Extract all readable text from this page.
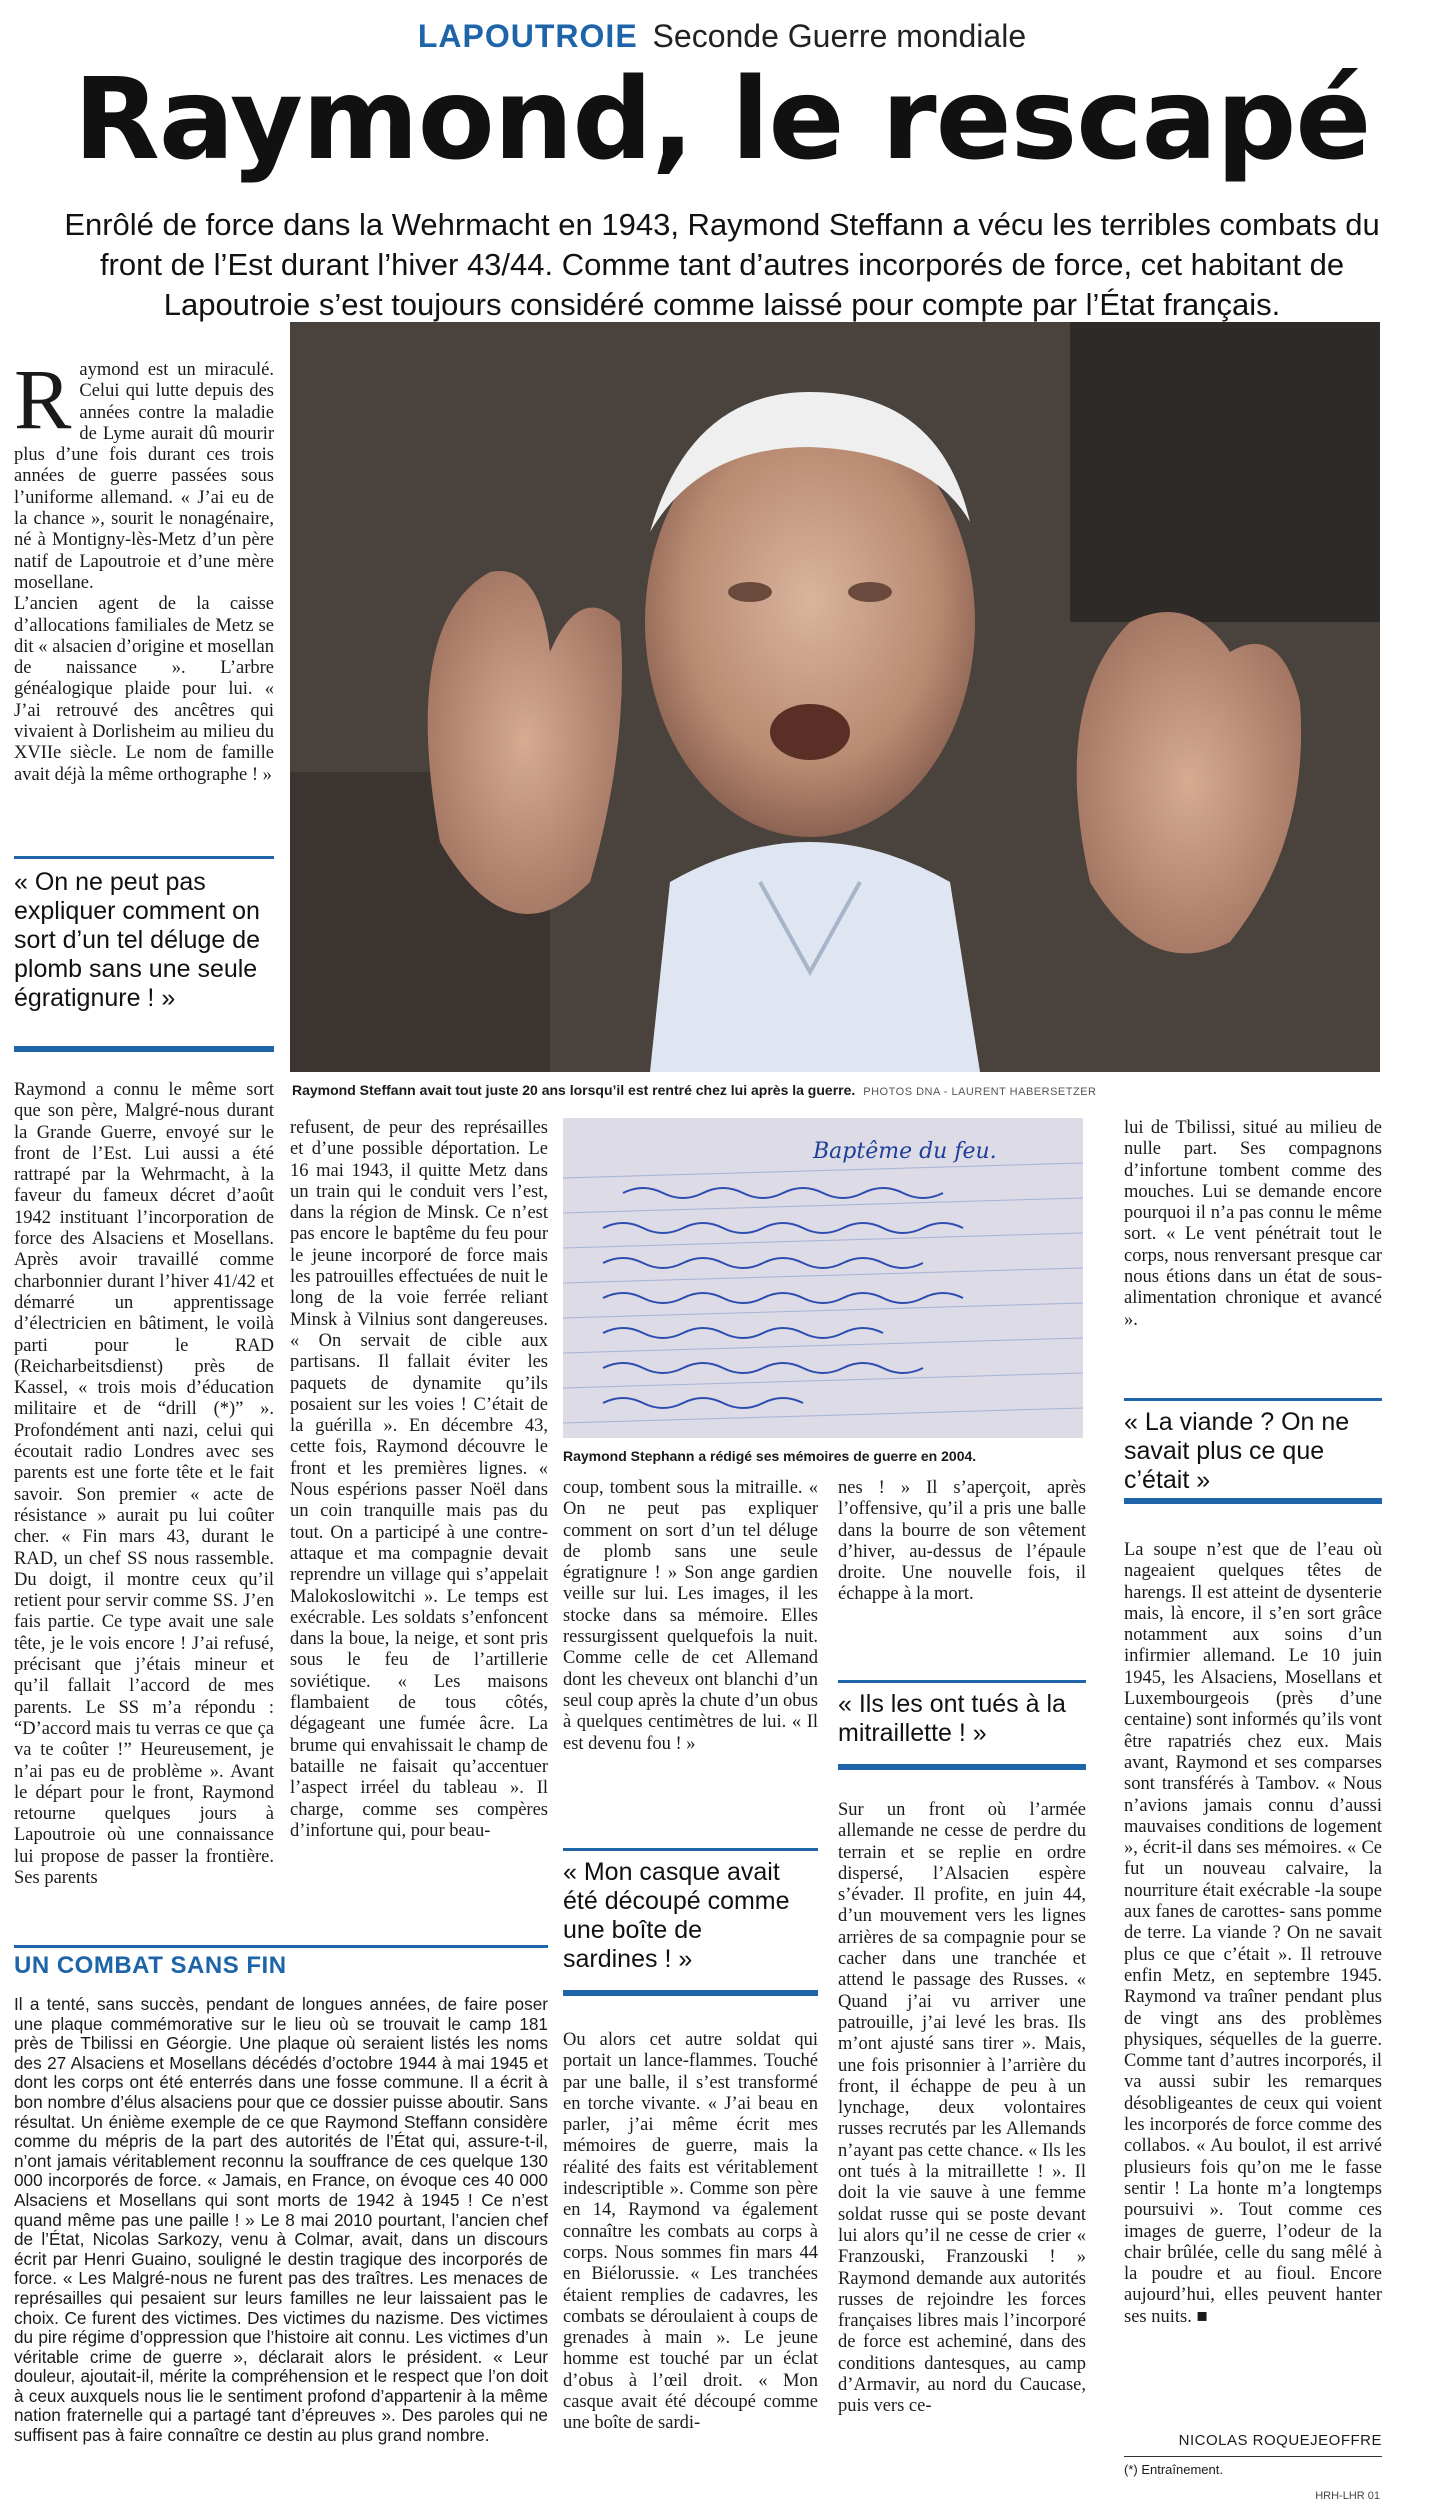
LAPOUTROIE Seconde Guerre mondiale
Raymond, le rescapé
Enrôlé de force dans la Wehrmacht en 1943, Raymond Steffann a vécu les terribles combats du front de l’Est durant l’hiver 43/44. Comme tant d’autres incorporés de force, cet habitant de Lapoutroie s’est toujours considéré comme laissé pour compte par l’État français.
R aymond est un miraculé. Celui qui lutte depuis des années contre la maladie de Lyme aurait dû mourir plus d’une fois durant ces trois années de guerre passées sous l’uniforme allemand. « J’ai eu de la chance », sourit le nonagénaire, né à Montigny-lès-Metz d’un père natif de Lapoutroie et d’une mère mosellane.
L’ancien agent de la caisse d’allocations familiales de Metz se dit « alsacien d’origine et mosellan de naissance ». L’arbre généalogique plaide pour lui. « J’ai retrouvé des ancêtres qui vivaient à Dorlisheim au milieu du XVIIe siècle. Le nom de famille avait déjà la même orthographe ! »
« On ne peut pas expliquer comment on sort d’un tel déluge de plomb sans une seule égratignure ! »
Raymond Steffann avait tout juste 20 ans lorsqu’il est rentré chez lui après la guerre. PHOTOS DNA - LAURENT HABERSETZER
Raymond a connu le même sort que son père, Malgré-nous durant la Grande Guerre, envoyé sur le front de l’Est. Lui aussi a été rattrapé par la Wehrmacht, à la faveur du fameux décret d’août 1942 instituant l’incorporation de force des Alsaciens et Mosellans. Après avoir travaillé comme charbonnier durant l’hiver 41/42 et démarré un apprentissage d’électricien en bâtiment, le voilà parti pour le RAD (Reicharbeitsdienst) près de Kassel, « trois mois d’éducation militaire et de “drill (*)” ». Profondément anti nazi, celui qui écoutait radio Londres avec ses parents est une forte tête et le fait savoir. Son premier « acte de résistance » aurait pu lui coûter cher. « Fin mars 43, durant le RAD, un chef SS nous rassemble. Du doigt, il montre ceux qu’il retient pour servir comme SS. J’en fais partie. Ce type avait une sale tête, je le vois encore ! J’ai refusé, précisant que j’étais mineur et qu’il fallait l’accord de mes parents. Le SS m’a répondu : “D’accord mais tu verras ce que ça va te coûter !” Heureusement, je n’ai pas eu de problème ». Avant le départ pour le front, Raymond retourne quelques jours à Lapoutroie où une connaissance lui propose de passer la frontière. Ses parents
refusent, de peur des représailles et d’une possible déportation. Le 16 mai 1943, il quitte Metz dans un train qui le conduit vers l’est, dans la région de Minsk. Ce n’est pas encore le baptême du feu pour le jeune incorporé de force mais les patrouilles effectuées de nuit le long de la voie ferrée reliant Minsk à Vilnius sont dangereuses. « On servait de cible aux partisans. Il fallait éviter les paquets de dynamite qu’ils posaient sur les voies ! C’était de la guérilla ». En décembre 43, cette fois, Raymond découvre le front et les premières lignes. « Nous espérions passer Noël dans un coin tranquille mais pas du tout. On a participé à une contre-attaque et ma compagnie devait reprendre un village qui s’appelait Malokoslowitchi ». Le temps est exécrable. Les soldats s’enfoncent dans la boue, la neige, et sont pris sous le feu de l’artillerie soviétique. « Les maisons flambaient de tous côtés, dégageant une fumée âcre. La brume qui envahissait le champ de bataille ne faisait qu’accentuer l’aspect irréel du tableau ». Il charge, comme ses compères d’infortune qui, pour beau-
Baptême du feu.
Raymond Stephann a rédigé ses mémoires de guerre en 2004.
coup, tombent sous la mitraille. « On ne peut pas expliquer comment on sort d’un tel déluge de plomb sans une seule égratignure ! » Son ange gardien veille sur lui. Les images, il les stocke dans sa mémoire. Elles ressurgissent quelquefois la nuit. Comme celle de cet Allemand dont les cheveux ont blanchi d’un seul coup après la chute d’un obus à quelques centimètres de lui. « Il est devenu fou ! »
« Mon casque avait été découpé comme une boîte de sardines ! »
Ou alors cet autre soldat qui portait un lance-flammes. Touché par une balle, il s’est transformé en torche vivante. « J’ai beau en parler, j’ai même écrit mes mémoires de guerre, mais la réalité des faits est véritablement indescriptible ». Comme son père en 14, Raymond va également connaître les combats au corps à corps. Nous sommes fin mars 44 en Biélorussie. « Les tranchées étaient remplies de cadavres, les combats se déroulaient à coups de grenades à main ». Le jeune homme est touché par un éclat d’obus à l’œil droit. « Mon casque avait été découpé comme une boîte de sardi-
nes ! » Il s’aperçoit, après l’offensive, qu’il a pris une balle dans la bourre de son vêtement d’hiver, au-dessus de l’épaule droite. Une nouvelle fois, il échappe à la mort.
« Ils les ont tués à la mitraillette ! »
Sur un front où l’armée allemande ne cesse de perdre du terrain et se replie en ordre dispersé, l’Alsacien espère s’évader. Il profite, en juin 44, d’un mouvement vers les lignes arrières de sa compagnie pour se cacher dans une tranchée et attend le passage des Russes. « Quand j’ai vu arriver une patrouille, j’ai levé les bras. Ils m’ont ajusté sans tirer ». Mais, une fois prisonnier à l’arrière du front, il échappe de peu à un lynchage, deux volontaires russes recrutés par les Allemands n’ayant pas cette chance. « Ils les ont tués à la mitraillette ! ». Il doit la vie sauve à une femme soldat russe qui se poste devant lui alors qu’il ne cesse de crier « Franzouski, Franzouski ! » Raymond demande aux autorités russes de rejoindre les forces françaises libres mais l’incorporé de force est acheminé, dans des conditions dantesques, au camp d’Armavir, au nord du Caucase, puis vers ce-
lui de Tbilissi, situé au milieu de nulle part. Ses compagnons d’infortune tombent comme des mouches. Lui se demande encore pourquoi il n’a pas connu le même sort. « Le vent pénétrait tout le corps, nous renversant presque car nous étions dans un état de sous-alimentation chronique et avancé ».
« La viande ? On ne savait plus ce que c’était »
La soupe n’est que de l’eau où nageaient quelques têtes de harengs. Il est atteint de dysenterie mais, là encore, il s’en sort grâce notamment aux soins d’un infirmier allemand. Le 10 juin 1945, les Alsaciens, Mosellans et Luxembourgeois (près d’une centaine) sont informés qu’ils vont être rapatriés chez eux. Mais avant, Raymond et ses comparses sont transférés à Tambov. « Nous n’avions jamais connu d’aussi mauvaises conditions de logement », écrit-il dans ses mémoires. « Ce fut un nouveau calvaire, la nourriture était exécrable -la soupe aux fanes de carottes- sans pomme de terre. La viande ? On ne savait plus ce que c’était ». Il retrouve enfin Metz, en septembre 1945. Raymond va traîner pendant plus de vingt ans des problèmes physiques, séquelles de la guerre. Comme tant d’autres incorporés, il va aussi subir les remarques désobligeantes de ceux qui voient les incorporés de force comme des collabos. « Au boulot, il est arrivé plusieurs fois qu’on me le fasse sentir ! La honte m’a longtemps poursuivi ». Tout comme ces images de guerre, l’odeur de la chair brûlée, celle du sang mêlé à la poudre et au fioul. Encore aujourd’hui, elles peuvent hanter ses nuits. ■
NICOLAS ROQUEJEOFFRE
(*) Entraînement.
HRH-LHR 01
UN COMBAT SANS FIN
Il a tenté, sans succès, pendant de longues années, de faire poser une plaque commémorative sur le lieu où se trouvait le camp 181 près de Tbilissi en Géorgie. Une plaque où seraient listés les noms des 27 Alsaciens et Mosellans décédés d’octobre 1944 à mai 1945 et dont les corps ont été enterrés dans une fosse commune. Il a écrit à bon nombre d’élus alsaciens pour que ce dossier puisse aboutir. Sans résultat. Un énième exemple de ce que Raymond Steffann considère comme du mépris de la part des autorités de l’État qui, assure-t-il, n’ont jamais véritablement reconnu la souffrance de ces quelque 130 000 incorporés de force. « Jamais, en France, on évoque ces 40 000 Alsaciens et Mosellans qui sont morts de 1942 à 1945 ! Ce n’est quand même pas une paille ! » Le 8 mai 2010 pourtant, l’ancien chef de l’État, Nicolas Sarkozy, venu à Colmar, avait, dans un discours écrit par Henri Guaino, souligné le destin tragique des incorporés de force. « Les Malgré-nous ne furent pas des traîtres. Les menaces de représailles qui pesaient sur leurs familles ne leur laissaient pas le choix. Ce furent des victimes. Des victimes du nazisme. Des victimes du pire régime d’oppression que l’histoire ait connu. Les victimes d’un véritable crime de guerre », déclarait alors le président. « Leur douleur, ajoutait-il, mérite la compréhension et le respect que l’on doit à ceux auxquels nous lie le sentiment profond d’appartenir à la même nation fraternelle qui a partagé tant d’épreuves ». Des paroles qui ne suffisent pas à faire connaître ce destin au plus grand nombre.
